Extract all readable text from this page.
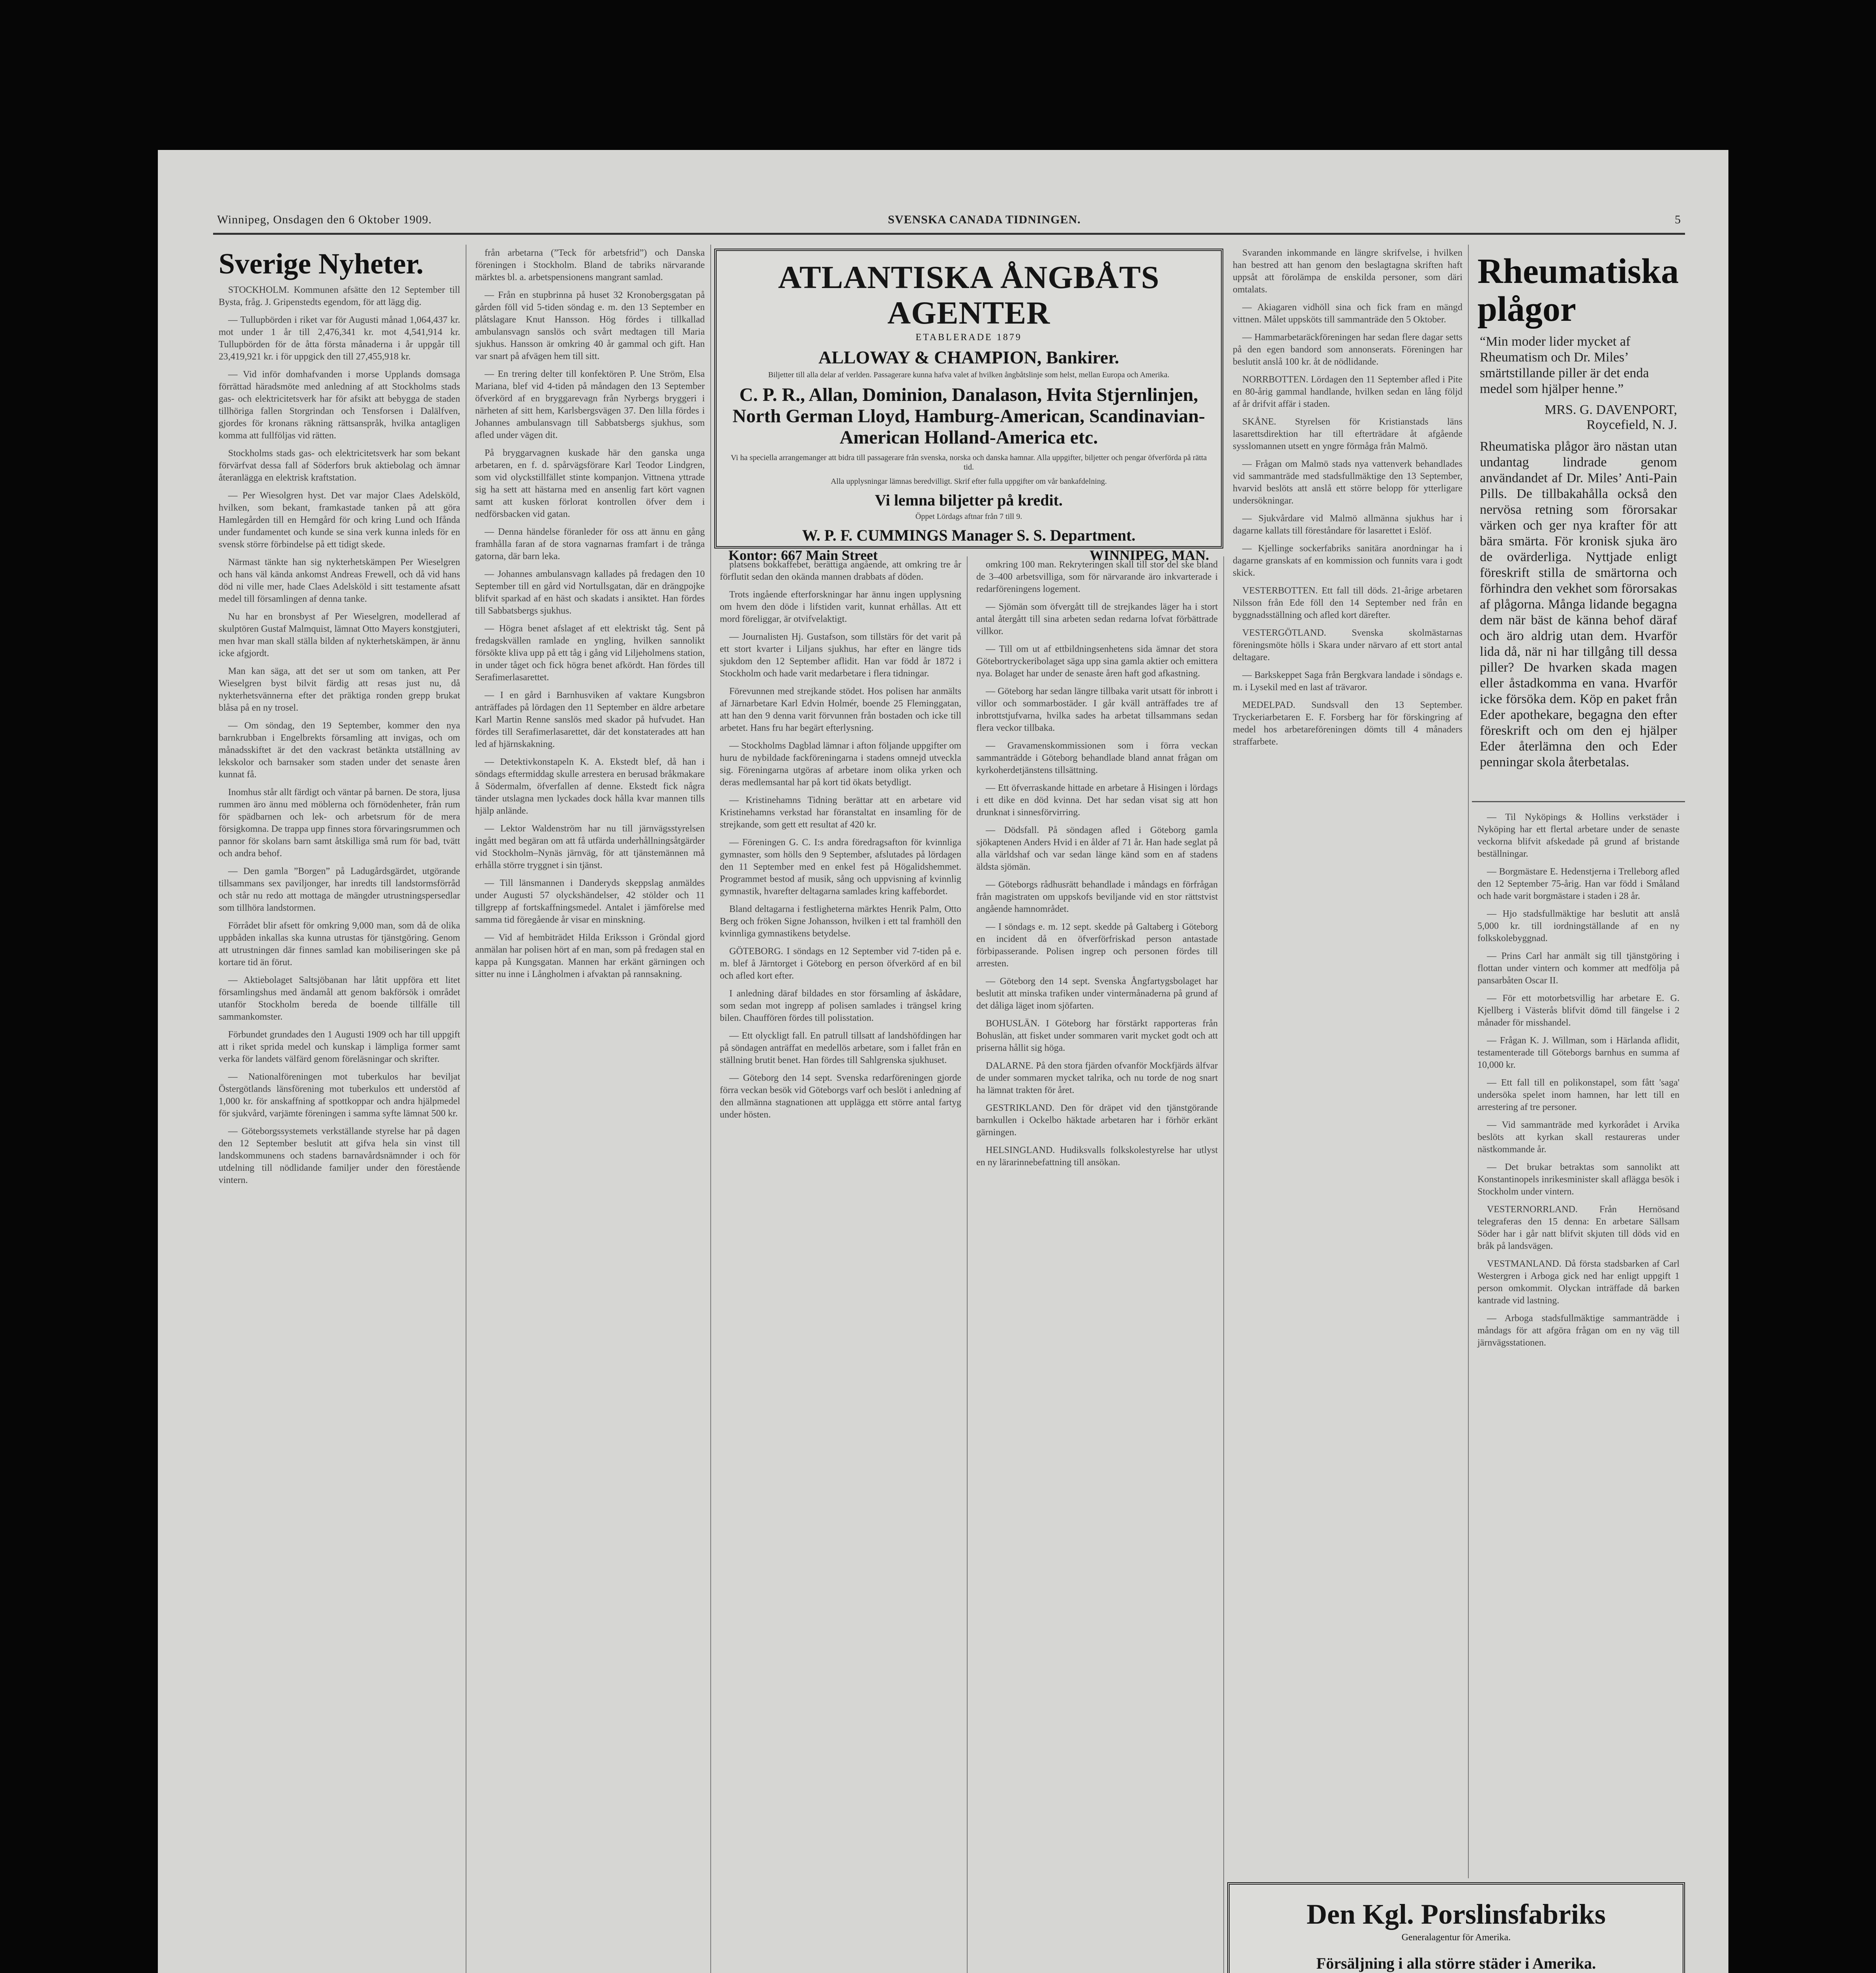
Winnipeg, Onsdagen den 6 Oktober 1909.	SVENSKA CANADA TIDNINGEN.	5
Sverige Nyheter.

STOCKHOLM. Kommunen afsätte den 12 September till Bysta, fråg. J. Gripenstedts egendom, för att lägg dig.

— Tullupbörden i riket var för Augusti månad 1,064,437 kr. mot under 1 år till 2,476,341 kr. mot 4,541,914 kr. Tullupbörden för de åtta första månaderna i år uppgår till 23,419,921 kr. i för uppgick den till 27,455,918 kr.

— Vid inför domhafvanden i morse Upplands domsaga förrättad häradsmöte med anledning af att Stockholms stads gas- och elektricitetsverk har för afsikt att bebygga de staden tillhöriga fallen Storgrindan och Tensforsen i Dalälfven, gjordes för kronans räkning rättsanspråk, hvilka antagligen komma att fullföljas vid rätten.

Stockholms stads gas- och elektricitetsverk har som bekant förvärfvat dessa fall af Söderfors bruk aktiebolag och ämnar återanlägga en elektrisk kraftstation.

— Per Wiesolgren hyst. Det var major Claes Adelsköld, hvilken, som bekant, framkastade tanken på att göra Hamlegården till en Hemgård för och kring Lund och Ifånda under fundamentet och kunde se sina verk kunna inleds för en svensk större förbindelse på ett tidigt skede.

Närmast tänkte han sig nykterhetskämpen Per Wieselgren och hans väl kända ankomst Andreas Frewell, och då vid hans död ni ville mer, hade Claes Adelsköld i sitt testamente afsatt medel till församlingen af denna tanke.

Nu har en bronsbyst af Per Wieselgren, modellerad af skulptören Gustaf Malmquist, lämnat Otto Mayers konstgjuteri, men hvar man skall ställa bilden af nykterhetskämpen, är ännu icke afgjordt.

Man kan säga, att det ser ut som om tanken, att Per Wieselgren byst bilvit färdig att resas just nu, då nykterhetsvännerna efter det präktiga ronden grepp brukat blåsa på en ny trosel.

— Om söndag, den 19 September, kommer den nya barnkrubban i Engelbrekts församling att invigas, och om månadsskiftet är det den vackrast betänkta utställning av lekskolor och barnsaker som staden under det senaste åren kunnat få.

Inomhus står allt färdigt och väntar på barnen. De stora, ljusa rummen äro ännu med möblerna och förnödenheter, från rum för spädbarnen och lek- och arbetsrum för de mera försigkomna. De trappa upp finnes stora förvaringsrummen och pannor för skolans barn samt åtskilliga små rum för bad, tvätt och andra behof.

— Den gamla ”Borgen” på Ladugårdsgärdet, utgörande tillsammans sex paviljonger, har inredts till landstormsförråd och står nu redo att mottaga de mängder utrustningspersedlar som tillhöra landstormen.

Förrådet blir afsett för omkring 9,000 man, som då de olika uppbåden inkallas ska kunna utrustas för tjänstgöring. Genom att utrustningen där finnes samlad kan mobiliseringen ske på kortare tid än förut.

— Aktiebolaget Saltsjöbanan har låtit uppföra ett litet församlingshus med ändamål att genom bakförsök i området utanför Stockholm bereda de boende tillfälle till sammankomster.

Förbundet grundades den 1 Augusti 1909 och har till uppgift att i riket sprida medel och kunskap i lämpliga former samt verka för landets välfärd genom föreläsningar och skrifter.

— Nationalföreningen mot tuberkulos har beviljat Östergötlands länsförening mot tuberkulos ett understöd af 1,000 kr. för anskaffning af spottkoppar och andra hjälpmedel för sjukvård, varjämte föreningen i samma syfte lämnat 500 kr.

— Göteborgssystemets verkställande styrelse har på dagen den 12 September beslutit att gifva hela sin vinst till landskommunens och stadens barnavårdsnämnder i och för utdelning till nödlidande familjer under den förestående vintern.

från arbetarna (”Teck för arbetsfrid”) och Danska föreningen i Stockholm. Bland de tabriks närvarande märktes bl. a. arbetspensionens mangrant samlad.

— Från en stupbrinna på huset 32 Kronobergsgatan på gården föll vid 5-tiden söndag e. m. den 13 September en plåtslagare Knut Hansson. Hög fördes i tillkallad ambulansvagn sanslös och svårt medtagen till Maria sjukhus. Hansson är omkring 40 år gammal och gift. Han var snart på afvägen hem till sitt.

— En trering delter till konfektören P. Une Ström, Elsa Mariana, blef vid 4-tiden på måndagen den 13 September öfverkörd af en bryggarevagn från Nyrbergs bryggeri i närheten af sitt hem, Karlsbergsvägen 37. Den lilla fördes i Johannes ambulansvagn till Sabbatsbergs sjukhus, som afled under vägen dit.

På bryggarvagnen kuskade här den ganska unga arbetaren, en f. d. spårvägsförare Karl Teodor Lindgren, som vid olyckstillfället stinte kompanjon. Vittnena yttrade sig ha sett att hästarna med en ansenlig fart kört vagnen samt att kusken förlorat kontrollen öfver dem i nedförsbacken vid gatan.

— Denna händelse föranleder för oss att ännu en gång framhålla faran af de stora vagnarnas framfart i de trånga gatorna, där barn leka.

— Johannes ambulansvagn kallades på fredagen den 10 September till en gård vid Nortullsgatan, där en drängpojke blifvit sparkad af en häst och skadats i ansiktet. Han fördes till Sabbatsbergs sjukhus.

— Högra benet afslaget af ett elektriskt tåg. Sent på fredagskvällen ramlade en yngling, hvilken sannolikt försökte kliva upp på ett tåg i gång vid Liljeholmens station, in under tåget och fick högra benet afkördt. Han fördes till Serafimerlasarettet.

— I en gård i Barnhusviken af vaktare Kungsbron anträffades på lördagen den 11 September en äldre arbetare Karl Martin Renne sanslös med skador på hufvudet. Han fördes till Serafimerlasarettet, där det konstaterades att han led af hjärnskakning.

— Detektivkonstapeln K. A. Ekstedt blef, då han i söndags eftermiddag skulle arrestera en berusad bråkmakare å Södermalm, öfverfallen af denne. Ekstedt fick några tänder utslagna men lyckades dock hålla kvar mannen tills hjälp anlände.

— Lektor Waldenström har nu till järnvägsstyrelsen ingått med begäran om att få utfärda underhållningsåtgärder vid Stockholm–Nynäs järnväg, för att tjänstemännen må erhålla större tryggnet i sin tjänst.

— Till länsmannen i Danderyds skeppslag anmäldes under Augusti 57 olyckshändelser, 42 stölder och 11 tillgrepp af fortskaffningsmedel. Antalet i jämförelse med samma tid föregående år visar en minskning.

— Vid af hembiträdet Hilda Eriksson i Gröndal gjord anmälan har polisen hört af en man, som på fredagen stal en kappa på Kungsgatan. Mannen har erkänt gärningen och sitter nu inne i Långholmen i afvaktan på rannsakning.

ATLANTISKA ÅNGBÅTS AGENTER
ETABLERADE 1879
ALLOWAY & CHAMPION, Bankirer.
Biljetter till alla delar af verlden. Passagerare kunna hafva valet af hvilken ångbåtslinje som helst, mellan Europa och Amerika.
C. P. R., Allan, Dominion, Danalason, Hvita Stjernlinjen, North German Lloyd, Hamburg-American, Scandinavian-American Holland-America etc.
Vi ha speciella arrangemanger att bidra till passagerare från svenska, norska och danska hamnar. Alla uppgifter, biljetter och pengar öfverförda på rätta tid.
Alla upplysningar lämnas beredvilligt. Skrif efter fulla uppgifter om vår bankafdelning.
Vi lemna biljetter på kredit.
Öppet Lördags aftnar från 7 till 9.
W. P. F. CUMMINGS Manager S. S. Department.
WINNIPEG, MAN.
Kontor: 667 Main Street

platsens bokkaffebet, berättiga angående, att omkring tre år förflutit sedan den okända mannen drabbats af döden.

Trots ingående efterforskningar har ännu ingen upplysning om hvem den döde i lifstiden varit, kunnat erhållas. Att ett mord föreliggar, är otvifvelaktigt.

— Journalisten Hj. Gustafson, som tillstärs för det varit på ett stort kvarter i Liljans sjukhus, har efter en längre tids sjukdom den 12 September aflidit. Han var född år 1872 i Stockholm och hade varit medarbetare i flera tidningar.

Förevunnen med strejkande stödet. Hos polisen har anmälts af Järnarbetare Karl Edvin Holmér, boende 25 Fleminggatan, att han den 9 denna varit förvunnen från bostaden och icke till arbetet. Hans fru har begärt efterlysning.

— Stockholms Dagblad lämnar i afton följande uppgifter om huru de nybildade fackföreningarna i stadens omnejd utveckla sig. Föreningarna utgöras af arbetare inom olika yrken och deras medlemsantal har på kort tid ökats betydligt.

— Kristinehamns Tidning berättar att en arbetare vid Kristinehamns verkstad har föranstaltat en insamling för de strejkande, som gett ett resultat af 420 kr.

— Föreningen G. C. I:s andra föredragsafton för kvinnliga gymnaster, som hölls den 9 September, afslutades på lördagen den 11 September med en enkel fest på Högalidshemmet. Programmet bestod af musik, sång och uppvisning af kvinnlig gymnastik, hvarefter deltagarna samlades kring kaffebordet.

Bland deltagarna i festligheterna märktes Henrik Palm, Otto Berg och fröken Signe Johansson, hvilken i ett tal framhöll den kvinnliga gymnastikens betydelse.

GÖTEBORG. I söndags en 12 September vid 7-tiden på e. m. blef å Järntorget i Göteborg en person öfverkörd af en bil och afled kort efter.

I anledning däraf bildades en stor församling af åskådare, som sedan mot ingrepp af polisen samlades i trängsel kring bilen. Chauffören fördes till polisstation.

— Ett olyckligt fall. En patrull tillsatt af landshöfdingen har på söndagen anträffat en medellös arbetare, som i fallet från en ställning brutit benet. Han fördes till Sahlgrenska sjukhuset.

— Göteborg den 14 sept. Svenska redarföreningen gjorde förra veckan besök vid Göteborgs varf och beslöt i anledning af den allmänna stagnationen att upplägga ett större antal fartyg under hösten.

omkring 100 man. Rekryteringen skall till stor del ske bland de 3–400 arbetsvilliga, som för närvarande äro inkvarterade i redarföreningens logement.

— Sjömän som öfvergått till de strejkandes läger ha i stort antal återgått till sina arbeten sedan redarna lofvat förbättrade villkor.

— Till om ut af ettbildningsenhetens sida ämnar det stora Götebortryckeribolaget säga upp sina gamla aktier och emittera nya. Bolaget har under de senaste åren haft god afkastning.

— Göteborg har sedan längre tillbaka varit utsatt för inbrott i villor och sommarbostäder. I går kväll anträffades tre af inbrottstjufvarna, hvilka sades ha arbetat tillsammans sedan flera veckor tillbaka.

— Gravamenskommissionen som i förra veckan sammanträdde i Göteborg behandlade bland annat frågan om kyrkoherdetjänstens tillsättning.

— Ett öfverraskande hittade en arbetare å Hisingen i lördags i ett dike en död kvinna. Det har sedan visat sig att hon drunknat i sinnesförvirring.

— Dödsfall. På söndagen afled i Göteborg gamla sjökaptenen Anders Hvid i en ålder af 71 år. Han hade seglat på alla världshaf och var sedan länge känd som en af stadens äldsta sjömän.

— Göteborgs rådhusrätt behandlade i måndags en förfrågan från magistraten om uppskofs beviljande vid en stor rättstvist angående hamnområdet.

— I söndags e. m. 12 sept. skedde på Galtaberg i Göteborg en incident då en öfverförfriskad person antastade förbipasserande. Polisen ingrep och personen fördes till arresten.

— Göteborg den 14 sept. Svenska Ångfartygsbolaget har beslutit att minska trafiken under vintermånaderna på grund af det dåliga läget inom sjöfarten.

BOHUSLÄN. I Göteborg har förstärkt rapporteras från Bohuslän, att fisket under sommaren varit mycket godt och att priserna hållit sig höga.

DALARNE. På den stora fjärden ofvanför Mockfjärds älfvar de under sommaren mycket talrika, och nu torde de nog snart ha lämnat trakten för året.

GESTRIKLAND. Den för dräpet vid den tjänstgörande barnkullen i Ockelbo häktade arbetaren har i förhör erkänt gärningen.

HELSINGLAND. Hudiksvalls folkskolestyrelse har utlyst en ny lärarinnebefattning till ansökan.

Svaranden inkommande en längre skrifvelse, i hvilken han bestred att han genom den beslagtagna skriften haft uppsåt att förolämpa de enskilda personer, som däri omtalats.

— Akiagaren vidhöll sina och fick fram en mängd vittnen. Målet uppsköts till sammanträde den 5 Oktober.

— Hammarbetaräckföreningen har sedan flere dagar setts på den egen bandord som annonserats. Föreningen har beslutit anslå 100 kr. åt de nödlidande.

NORRBOTTEN. Lördagen den 11 September afled i Pite en 80-årig gammal handlande, hvilken sedan en lång följd af år drifvit affär i staden.

SKÅNE. Styrelsen för Kristianstads läns lasarettsdirektion har till efterträdare åt afgående sysslomannen utsett en yngre förmåga från Malmö.

— Frågan om Malmö stads nya vattenverk behandlades vid sammanträde med stadsfullmäktige den 13 September, hvarvid beslöts att anslå ett större belopp för ytterligare undersökningar.

— Sjukvårdare vid Malmö allmänna sjukhus har i dagarne kallats till föreståndare för lasarettet i Eslöf.

— Kjellinge sockerfabriks sanitära anordningar ha i dagarne granskats af en kommission och funnits vara i godt skick.

VESTERBOTTEN. Ett fall till döds. 21-årige arbetaren Nilsson från Ede föll den 14 September ned från en byggnadsställning och afled kort därefter.

VESTERGÖTLAND. Svenska skolmästarnas föreningsmöte hölls i Skara under närvaro af ett stort antal deltagare.

— Barkskeppet Saga från Bergkvara landade i söndags e. m. i Lysekil med en last af trävaror.

MEDELPAD. Sundsvall den 13 September. Tryckeriarbetaren E. F. Forsberg har för förskingring af medel hos arbetareföreningen dömts till 4 månaders straffarbete.

Rheumatiska plågor
“Min moder lider mycket af Rheumatism och Dr. Miles’ smärtstillande piller är det enda medel som hjälper henne.”
MRS. G. DAVENPORT,
Roycefield, N. J.
Rheumatiska plågor äro nästan utan undantag lindrade genom användandet af Dr. Miles’ Anti-Pain Pills. De tillbakahålla också den nervösa retning som förorsakar värken och ger nya krafter för att bära smärta. För kronisk sjuka äro de ovärderliga. Nyttjade enligt föreskrift stilla de smärtorna och förhindra den vekhet som förorsakas af plågorna. Många lidande begagna dem när bäst de känna behof däraf och äro aldrig utan dem. Hvarför lida då, när ni har tillgång till dessa piller? De hvarken skada magen eller åstadkomma en vana. Hvarför icke försöka dem. Köp en paket från Eder apothekare, begagna den efter föreskrift och om den ej hjälper Eder återlämna den och Eder penningar skola återbetalas.

— Til Nyköpings & Hollins verkstäder i Nyköping har ett flertal arbetare under de senaste veckorna blifvit afskedade på grund af bristande beställningar.

— Borgmästare E. Hedenstjerna i Trelleborg afled den 12 September 75-årig. Han var född i Småland och hade varit borgmästare i staden i 28 år.

— Hjo stadsfullmäktige har beslutit att anslå 5,000 kr. till iordningställande af en ny folkskolebyggnad.

— Prins Carl har anmält sig till tjänstgöring i flottan under vintern och kommer att medfölja på pansarbåten Oscar II.

— För ett motorbetsvillig har arbetare E. G. Kjellberg i Västerås blifvit dömd till fängelse i 2 månader för misshandel.

— Frågan K. J. Willman, som i Härlanda aflidit, testamenterade till Göteborgs barnhus en summa af 10,000 kr.

— Ett fall till en polikonstapel, som fått 'saga' undersöka spelet inom hamnen, har lett till en arrestering af tre personer.

— Vid sammanträde med kyrkorådet i Arvika beslöts att kyrkan skall restaureras under nästkommande år.

— Det brukar betraktas som sannolikt att Konstantinopels inrikesminister skall aflägga besök i Stockholm under vintern.

VESTERNORRLAND. Från Hernösand telegraferas den 15 denna: En arbetare Sällsam Söder har i går natt blifvit skjuten till döds vid en bråk på landsvägen.

VESTMANLAND. Då första stadsbarken af Carl Westergren i Arboga gick ned har enligt uppgift 1 person omkommit. Olyckan inträffade då barken kantrade vid lastning.

— Arboga stadsfullmäktige sammanträdde i måndags för att afgöra frågan om en ny väg till järnvägsstationen.

Den Kgl. Porslinsfabriks
Generalagentur för Amerika.
Försäljning i alla större städer i Amerika.
